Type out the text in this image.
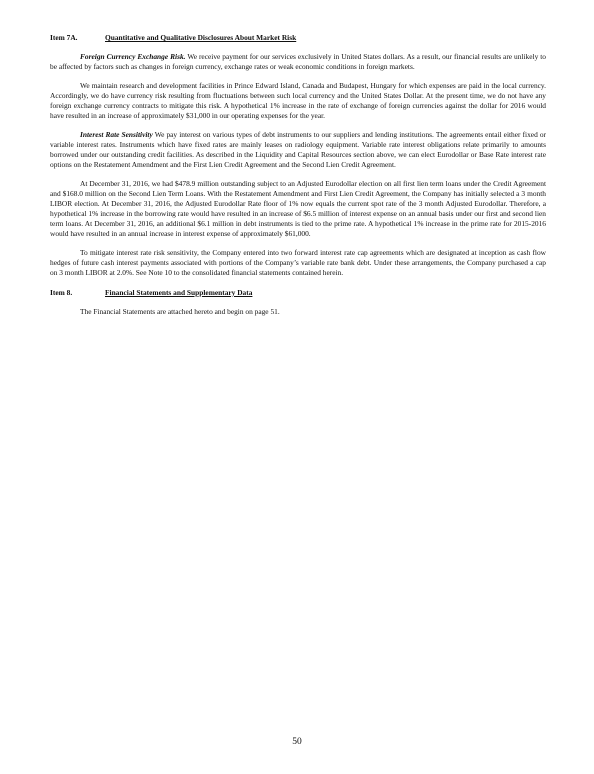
Item 7A.	Quantitative and Qualitative Disclosures About Market Risk

Foreign Currency Exchange Risk. We receive payment for our services exclusively in United States dollars. As a result, our financial results are unlikely to be affected by factors such as changes in foreign currency, exchange rates or weak economic conditions in foreign markets.

We maintain research and development facilities in Prince Edward Island, Canada and Budapest, Hungary for which expenses are paid in the local currency. Accordingly, we do have currency risk resulting from fluctuations between such local currency and the United States Dollar. At the present time, we do not have any foreign exchange currency contracts to mitigate this risk. A hypothetical 1% increase in the rate of exchange of foreign currencies against the dollar for 2016 would have resulted in an increase of approximately $31,000 in our operating expenses for the year.

Interest Rate Sensitivity We pay interest on various types of debt instruments to our suppliers and lending institutions. The agreements entail either fixed or variable interest rates. Instruments which have fixed rates are mainly leases on radiology equipment. Variable rate interest obligations relate primarily to amounts borrowed under our outstanding credit facilities. As described in the Liquidity and Capital Resources section above, we can elect Eurodollar or Base Rate interest rate options on the Restatement Amendment and the First Lien Credit Agreement and the Second Lien Credit Agreement.

At December 31, 2016, we had $478.9 million outstanding subject to an Adjusted Eurodollar election on all first lien term loans under the Credit Agreement and $168.0 million on the Second Lien Term Loans. With the Restatement Amendment and First Lien Credit Agreement, the Company has initially selected a 3 month LIBOR election. At December 31, 2016, the Adjusted Eurodollar Rate floor of 1% now equals the current spot rate of the 3 month Adjusted Eurodollar. Therefore, a hypothetical 1% increase in the borrowing rate would have resulted in an increase of $6.5 million of interest expense on an annual basis under our first and second lien term loans. At December 31, 2016, an additional $6.1 million in debt instruments is tied to the prime rate. A hypothetical 1% increase in the prime rate for 2015-2016 would have resulted in an annual increase in interest expense of approximately $61,000.

To mitigate interest rate risk sensitivity, the Company entered into two forward interest rate cap agreements which are designated at inception as cash flow hedges of future cash interest payments associated with portions of the Company’s variable rate bank debt. Under these arrangements, the Company purchased a cap on 3 month LIBOR at 2.0%. See Note 10 to the consolidated financial statements contained herein.

Item 8.	Financial Statements and Supplementary Data

The Financial Statements are attached hereto and begin on page 51.

50
